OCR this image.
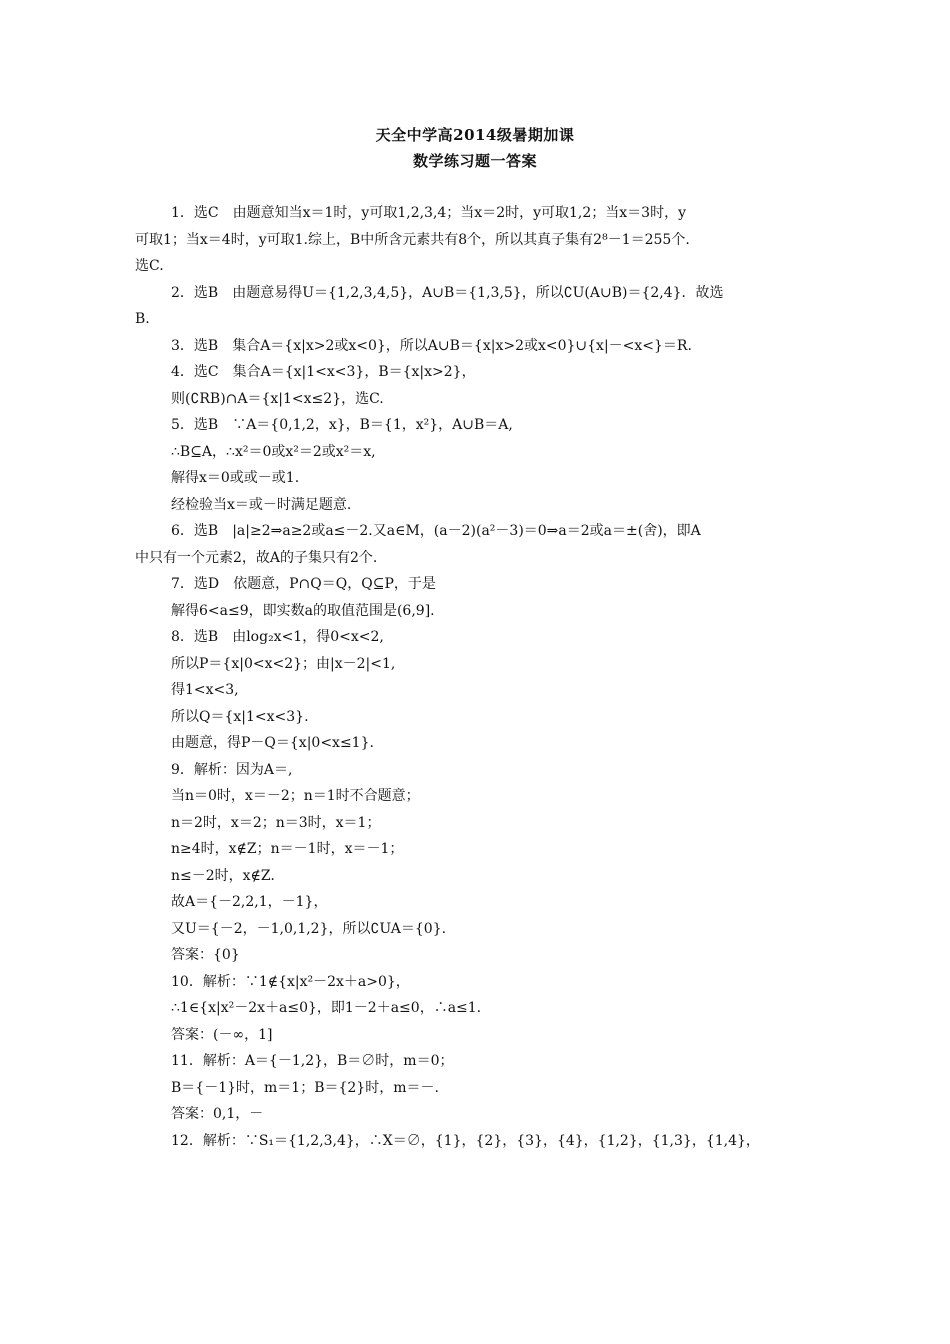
天全中学高2014级暑期加课
数学练习题一答案
1．选C　由题意知当x＝1时，y可取1,2,3,4；当x＝2时，y可取1,2；当x＝3时，y
可取1；当x＝4时，y可取1.综上，B中所含元素共有8个，所以其真子集有2⁸－1＝255个.
选C.
2．选B　由题意易得U＝{1,2,3,4,5}，A∪B＝{1,3,5}，所以∁U(A∪B)＝{2,4}．故选
B.
3．选B　集合A＝{x|x>2或x<0}，所以A∪B＝{x|x>2或x<0}∪{x|－<x<}＝R.
4．选C　集合A＝{x|1<x<3}，B＝{x|x>2}，
则(∁RB)∩A＝{x|1<x≤2}，选C.
5．选B　∵A＝{0,1,2，x}，B＝{1，x²}，A∪B＝A,
∴B⊆A，∴x²＝0或x²＝2或x²＝x,
解得x＝0或或－或1.
经检验当x＝或－时满足题意.
6．选B　|a|≥2⇒a≥2或a≤－2.又a∈M，(a－2)(a²－3)＝0⇒a＝2或a＝±(舍)，即A
中只有一个元素2，故A的子集只有2个.
7．选D　依题意，P∩Q＝Q，Q⊆P，于是
解得6<a≤9，即实数a的取值范围是(6,9].
8．选B　由log₂x<1，得0<x<2,
所以P＝{x|0<x<2}；由|x－2|<1,
得1<x<3,
所以Q＝{x|1<x<3}.
由题意，得P－Q＝{x|0<x≤1}.
9．解析：因为A＝,
当n＝0时，x＝－2；n＝1时不合题意；
n＝2时，x＝2；n＝3时，x＝1；
n≥4时，x∉Z；n＝－1时，x＝－1；
n≤－2时，x∉Z.
故A＝{－2,2,1，－1}，
又U＝{－2，－1,0,1,2}，所以∁UA＝{0}.
答案：{0}
10．解析：∵1∉{x|x²－2x＋a>0}，
∴1∈{x|x²－2x＋a≤0}，即1－2＋a≤0，∴a≤1.
答案：(－∞，1]
11．解析：A＝{－1,2}，B＝∅时，m＝0；
B＝{－1}时，m＝1；B＝{2}时，m＝－.
答案：0,1，－
12．解析：∵S₁＝{1,2,3,4}，∴X＝∅，{1}，{2}，{3}，{4}，{1,2}，{1,3}，{1,4}，
